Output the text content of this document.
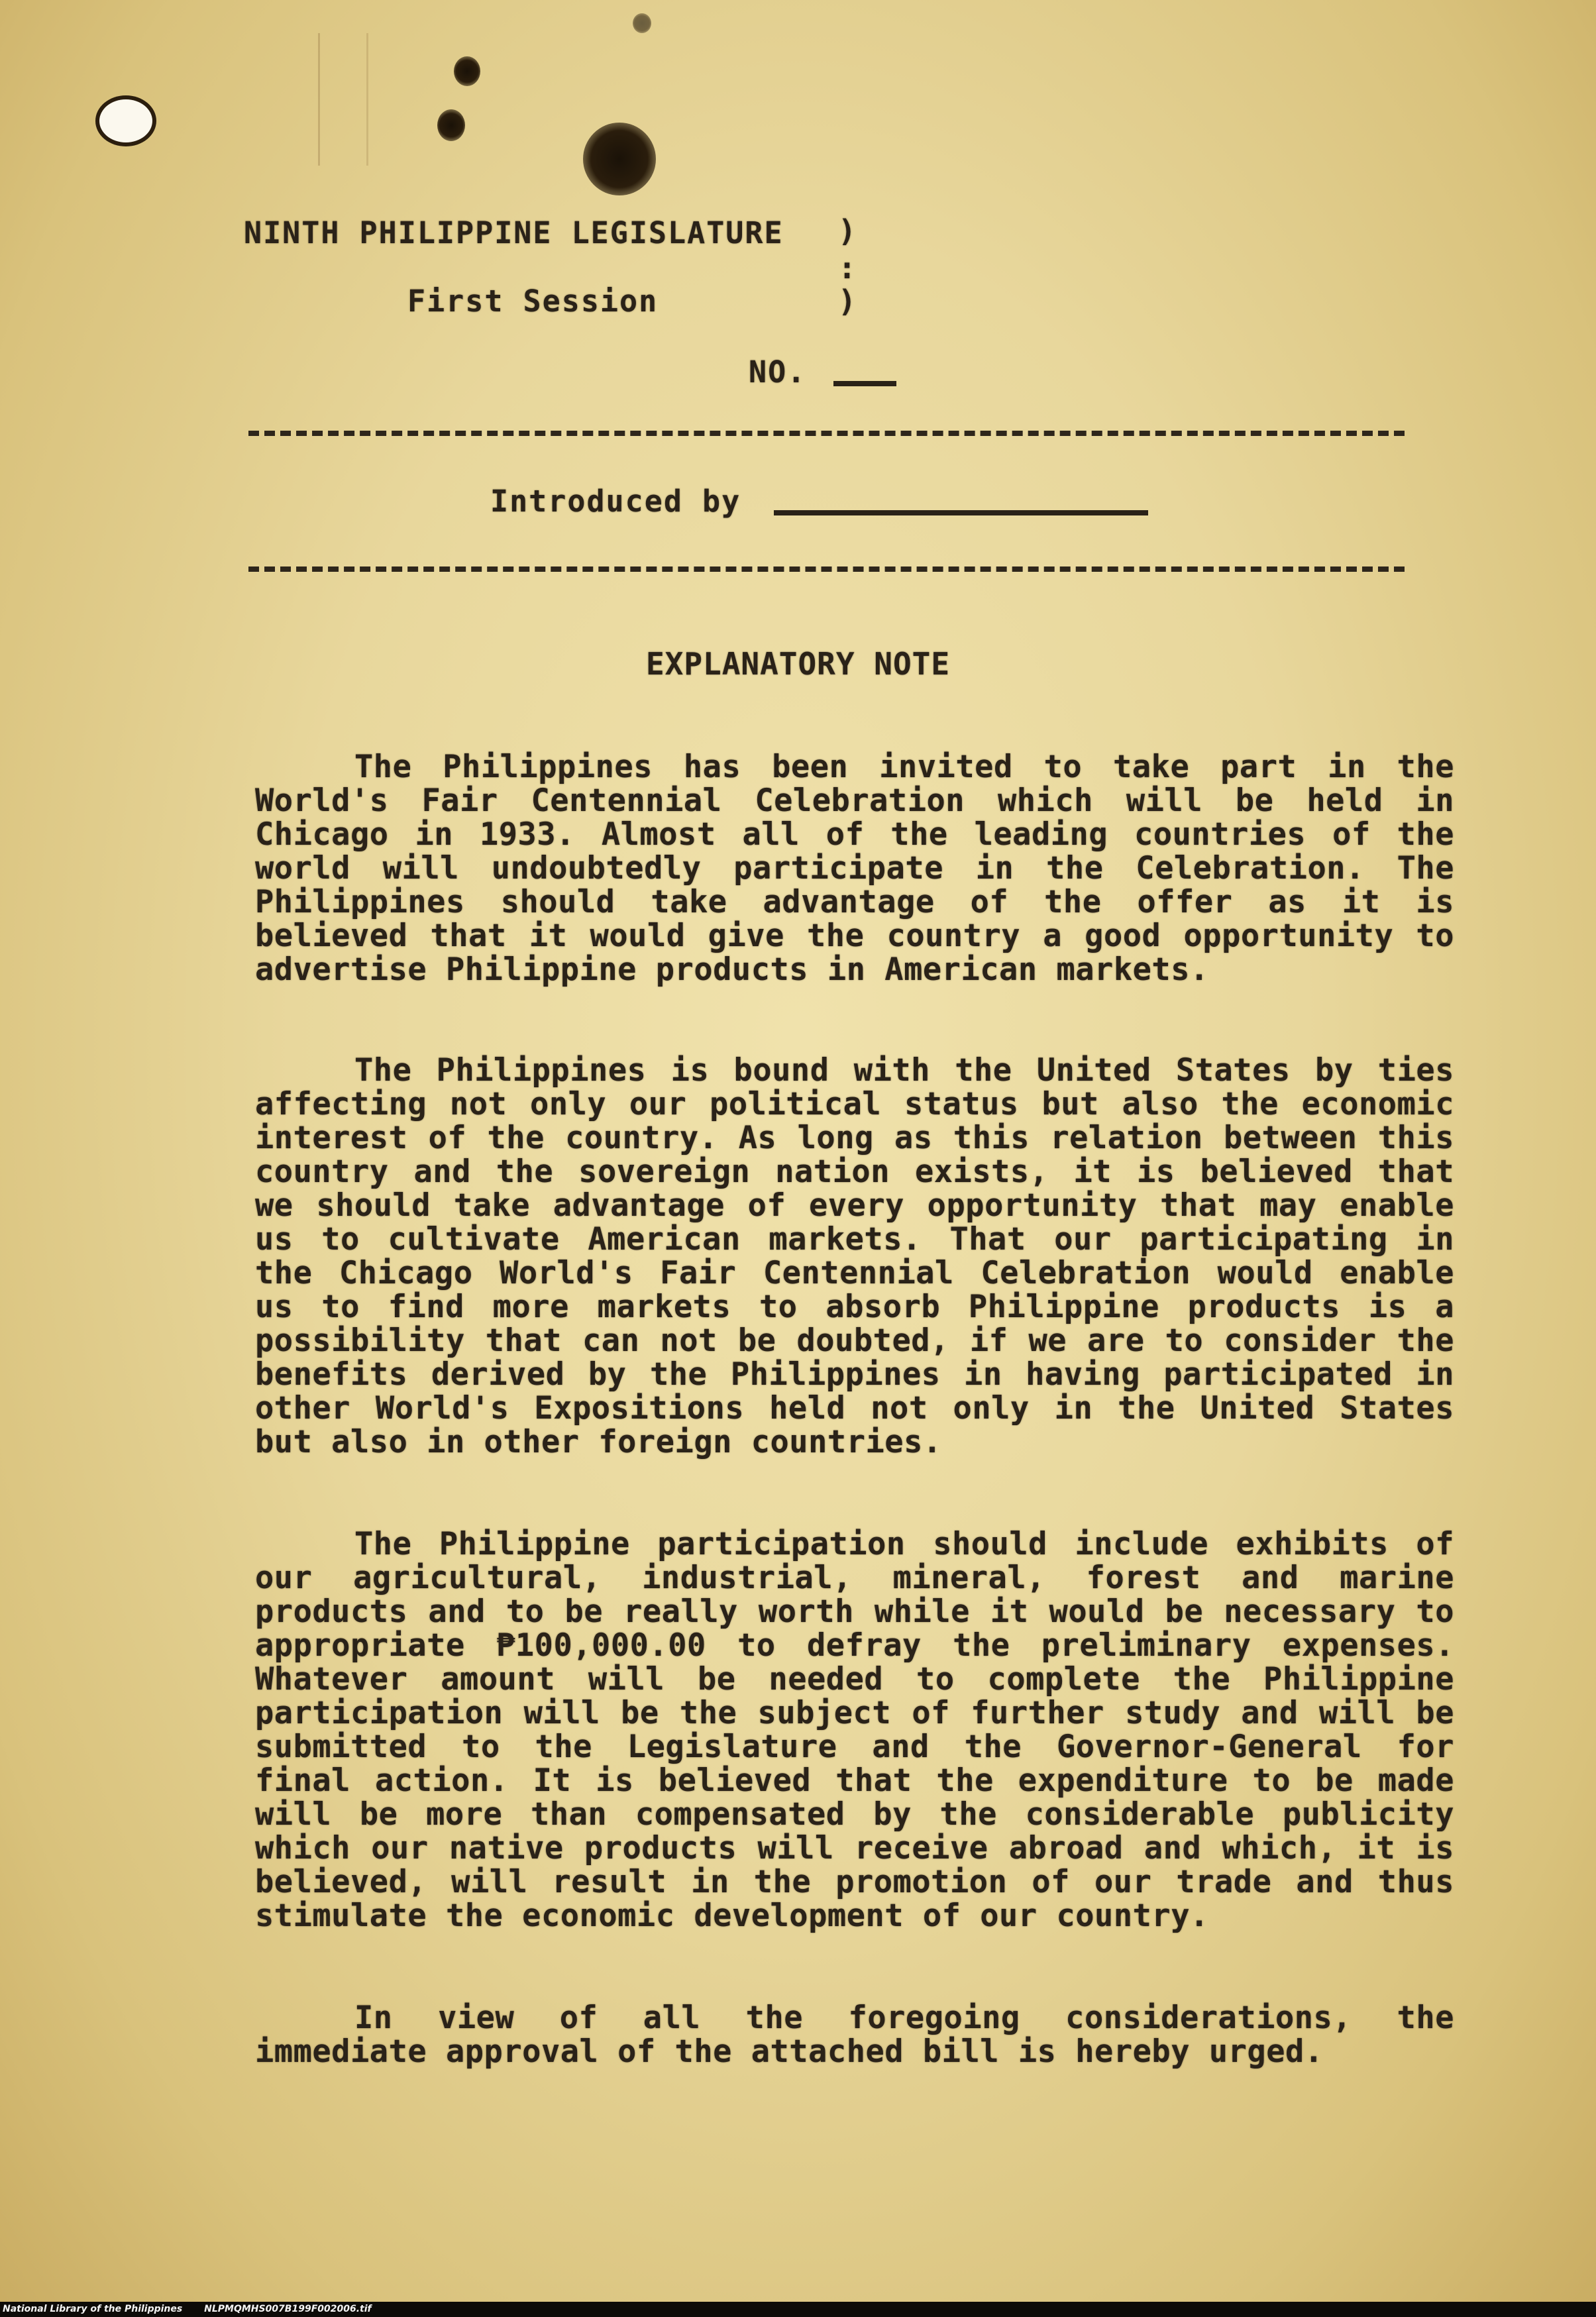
NINTH PHILIPPINE LEGISLATURE
First Session
)
:
)
NO.
Introduced by
EXPLANATORY NOTE
The Philippines has been invited to take part in the World's Fair Centennial Celebration which will be held in Chicago in 1933. Almost all of the leading countries of the world will undoubtedly participate in the Celebration. The Philippines should take advantage of the offer as it is believed that it would give the country a good opportunity to advertise Philippine products in American markets.
The Philippines is bound with the United States by ties affecting not only our political status but also the economic interest of the country. As long as this relation between this country and the sovereign nation exists, it is believed that we should take advantage of every opportunity that may enable us to cultivate American markets. That our participating in the Chicago World's Fair Centennial Celebration would enable us to find more markets to absorb Philippine products is a possibility that can not be doubted, if we are to consider the benefits derived by the Philippines in having participated in other World's Expositions held not only in the United States but also in other foreign countries.
The Philippine participation should include exhibits of our agricultural, industrial, mineral, forest and marine products and to be really worth while it would be necessary to appropriate ₱100,000.00 to defray the preliminary expenses. Whatever amount will be needed to complete the Philippine participation will be the subject of further study and will be submitted to the Legislature and the Governor-General for final action. It is believed that the expenditure to be made will be more than compensated by the considerable publicity which our native products will receive abroad and which, it is believed, will result in the promotion of our trade and thus stimulate the economic development of our country.
In view of all the foregoing considerations, the immediate approval of the attached bill is hereby urged.
National Library of the Philippines NLPMQMHS007B199F002006.tif
